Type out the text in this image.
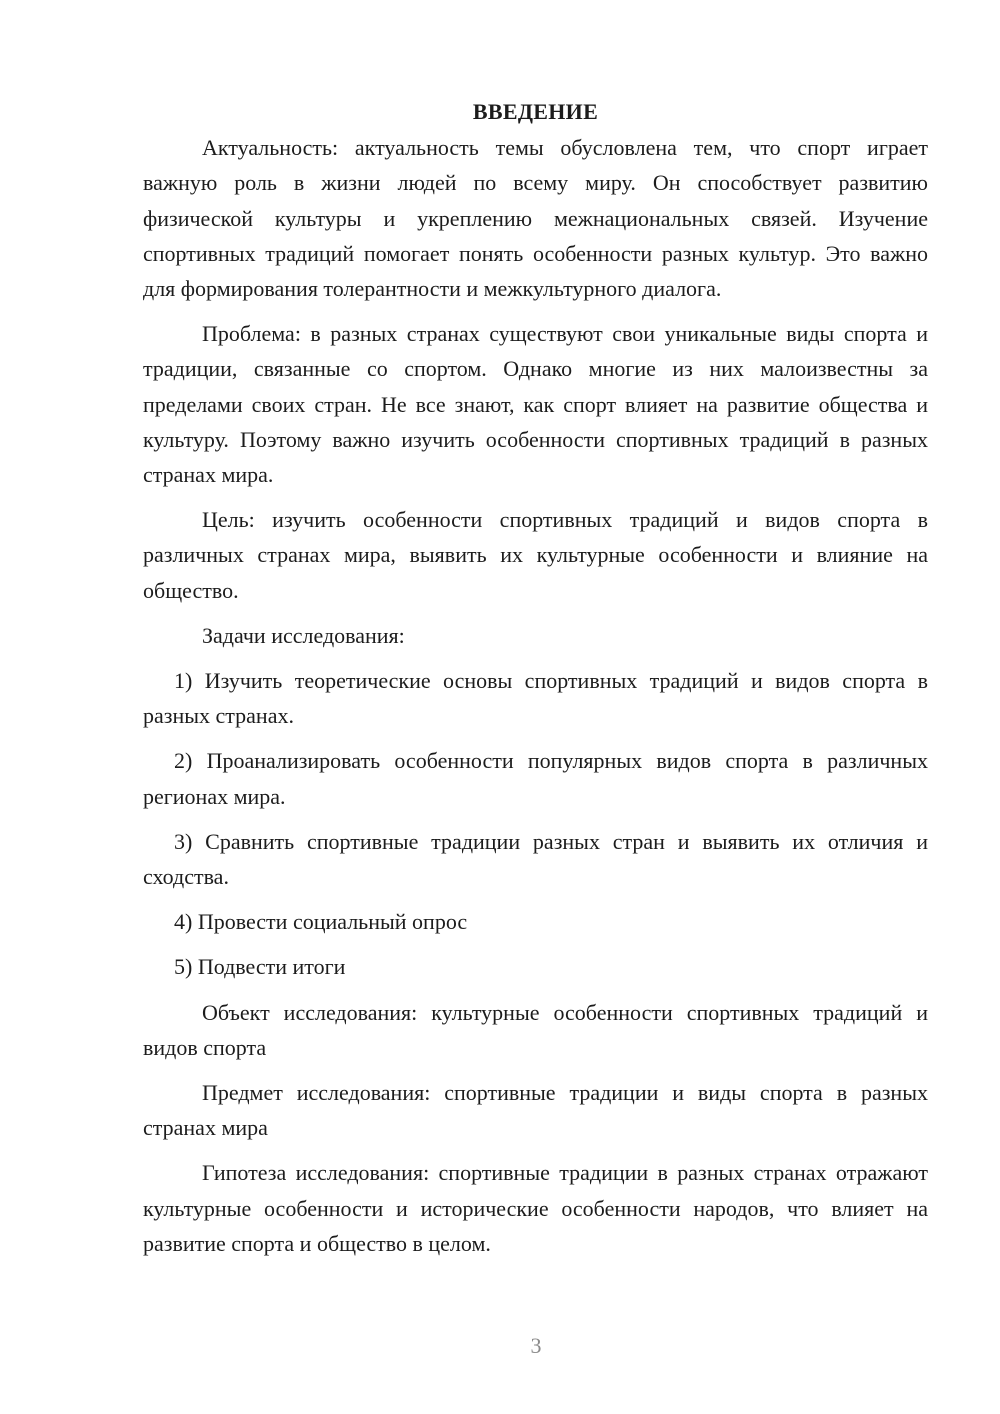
ВВЕДЕНИЕ

Актуальность: актуальность темы обусловлена тем, что спорт играет важную роль в жизни людей по всему миру. Он способствует развитию физической культуры и укреплению межнациональных связей. Изучение спортивных традиций помогает понять особенности разных культур. Это важно для формирования толерантности и межкультурного диалога.

Проблема: в разных странах существуют свои уникальные виды спорта и традиции, связанные со спортом. Однако многие из них малоизвестны за пределами своих стран. Не все знают, как спорт влияет на развитие общества и культуру. Поэтому важно изучить особенности спортивных традиций в разных странах мира.

Цель: изучить особенности спортивных традиций и видов спорта в различных странах мира, выявить их культурные особенности и влияние на общество.

Задачи исследования:

1) Изучить теоретические основы спортивных традиций и видов спорта в разных странах.

2) Проанализировать особенности популярных видов спорта в различных регионах мира.

3) Сравнить спортивные традиции разных стран и выявить их отличия и сходства.

4) Провести социальный опрос

5) Подвести итоги

Объект исследования: культурные особенности спортивных традиций и видов спорта

Предмет исследования: спортивные традиции и виды спорта в разных странах мира

Гипотеза исследования: спортивные традиции в разных странах отражают культурные особенности и исторические особенности народов, что влияет на развитие спорта и общество в целом.

3
